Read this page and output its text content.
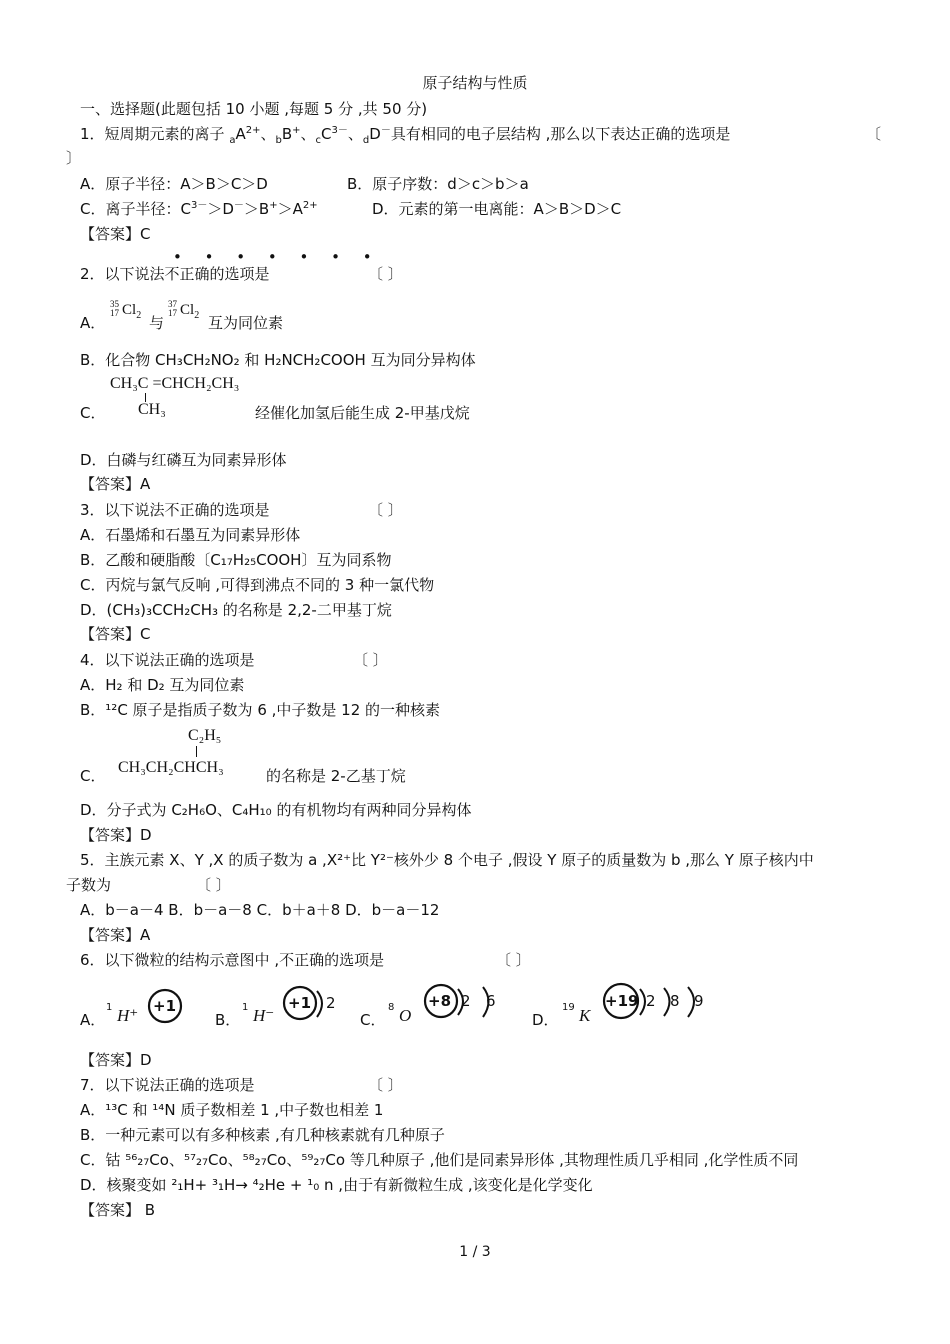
原子结构与性质
一、选择题(此题包括 10 小题 ,每题 5 分 ,共 50 分)
1．短周期元素的离子 $_aA^{2+}$、$_b$B+、$_cC^{3-}$、$_d$D－具有相同的电子层结构 ,那么以下表达正确的选项是	〔
〕
A．原子半径：A＞B＞C＞D	B．原子序数：d＞c＞b＞a
C．离子半径：$C^{3-}>D^->B^+>A^{2+}$	D．元素的第一电离能：A＞B＞D＞C
【答案】C
• • • • • • •
2．以下说法不正确的选项是	〔 〕
A．
35
17 $Cl_2$ 与
37
17 $Cl_2$ 互为同位素
B．化合物 CH₃CH₂NO₂ 和 H₂NCH₂COOH 互为同分异构体
C．
CH₃C =CHCH₂CH₃
CH₃	经催化加氢后能生成 2-甲基戊烷
D．白磷与红磷互为同素异形体
【答案】A
3．以下说法不正确的选项是	〔 〕
A．石墨烯和石墨互为同素异形体
B．乙酸和硬脂酸〔C₁₇H₂₅COOH〕互为同系物
C．丙烷与氯气反响 ,可得到沸点不同的 3 种一氯代物
D．(CH₃)₃CCH₂CH₃ 的名称是 2,2-二甲基丁烷
【答案】C
4．以下说法正确的选项是	〔 〕
A．H₂ 和 D₂ 互为同位素
B．¹²C 原子是指质子数为 6 ,中子数是 12 的一种核素
C．
C₂H₅
CH₃CH₂CHCH₃	的名称是 2-乙基丁烷
D．分子式为 C₂H₆O、C₄H₁₀ 的有机物均有两种同分异构体
【答案】D
5．主族元素 X、Y ,X 的质子数为 a ,X²⁺比 Y²⁻核外少 8 个电子 ,假设 Y 原子的质量数为 b ,那么 Y 原子核内中
子数为	〔 〕
A．b－a－4 B．b－a－8 C．b＋a＋8 D．b－a－12
【答案】A
6．以下微粒的结构示意图中 ,不正确的选项是	〔 〕
A．
1 H⁺ +1
B．
1 H⁻
+1 2
C．
8 O
+8 2 6
D．
19 K
+19 2 8 9
【答案】D
7．以下说法正确的选项是	〔 〕
A．¹³C 和 ¹⁴N 质子数相差 1 ,中子数也相差 1
B．一种元素可以有多种核素 ,有几种核素就有几种原子
C．钴 ⁵⁶₂₇Co、⁵⁷₂₇Co、⁵⁸₂₇Co、⁵⁹₂₇Co 等几种原子 ,他们是同素异形体 ,其物理性质几乎相同 ,化学性质不同
D．核聚变如 ²₁H+ ³₁H→ ⁴₂He + ¹₀ n ,由于有新微粒生成 ,该变化是化学变化
【答案】 B
1 / 3
